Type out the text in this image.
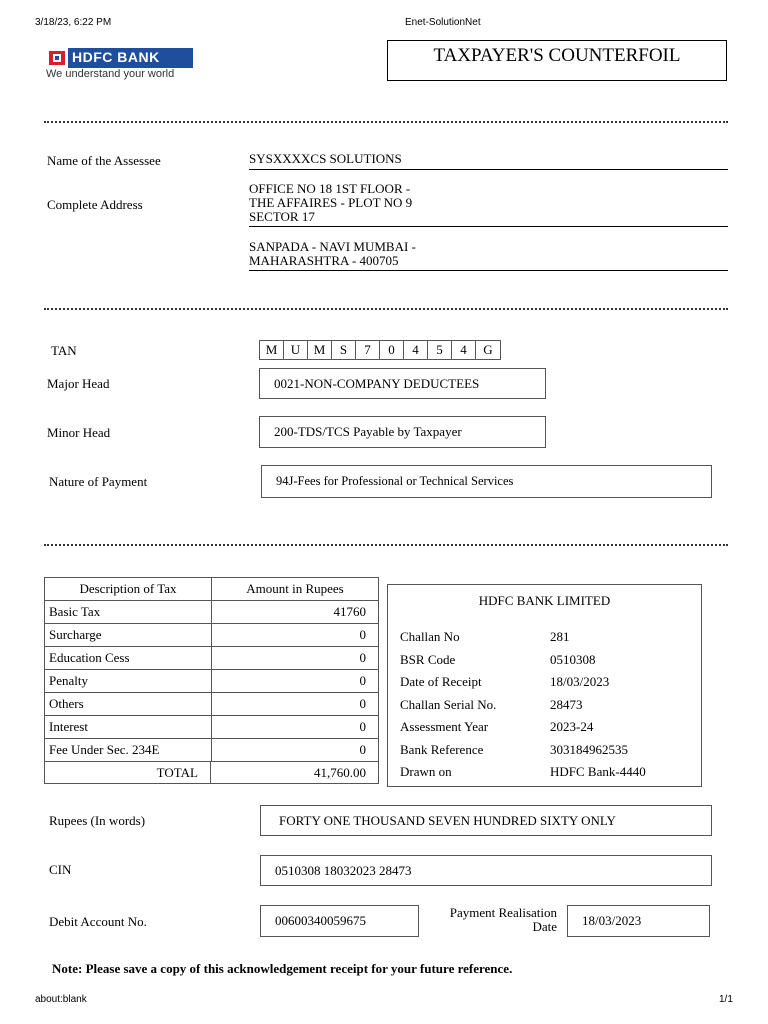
3/18/23, 6:22 PM	Enet-SolutionNet
HDFC BANK
We understand your world
TAXPAYER'S COUNTERFOIL
Name of the Assessee	SYSXXXXCS SOLUTIONS
Complete Address
OFFICE NO 18 1ST FLOOR -
THE AFFAIRES - PLOT NO 9
SECTOR 17
SANPADA - NAVI MUMBAI -
MAHARASHTRA - 400705
TAN	M	U	M	S	7	0	4	5	4	G
Major Head	0021-NON-COMPANY DEDUCTEES
Minor Head	200-TDS/TCS Payable by Taxpayer
Nature of Payment	94J-Fees for Professional or Technical Services
Description of Tax	Amount in Rupees
Basic Tax	41760
Surcharge	0
Education Cess	0
Penalty	0
Others	0
Interest	0
Fee Under Sec. 234E	0
TOTAL	41,760.00
HDFC BANK LIMITED
Challan No	281
BSR Code	0510308
Date of Receipt	18/03/2023
Challan Serial No.	28473
Assessment Year	2023-24
Bank Reference	303184962535
Drawn on	HDFC Bank-4440
Rupees (In words)	FORTY ONE THOUSAND SEVEN HUNDRED SIXTY ONLY
CIN	0510308 18032023 28473
Debit Account No.	00600340059675
Payment Realisation
Date 18/03/2023
Note: Please save a copy of this acknowledgement receipt for your future reference.
about:blank	1/1
